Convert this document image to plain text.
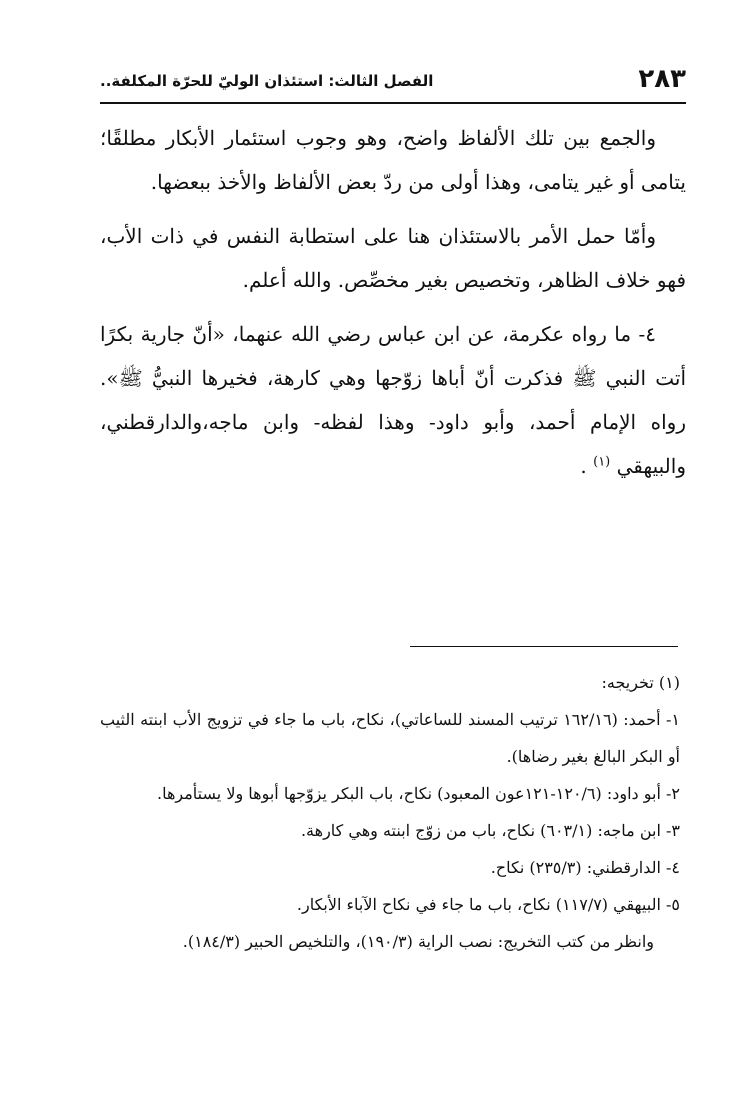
٢٨٣
الفصل الثالث: استئذان الوليّ للحرّة المكلفة..

والجمع بين تلك الألفاظ واضح، وهو وجوب استئمار الأبكار مطلقًا؛ يتامى أو غير يتامى، وهذا أولى من ردّ بعض الألفاظ والأخذ ببعضها.

وأمّا حمل الأمر بالاستئذان هنا على استطابة النفس في ذات الأب، فهو خلاف الظاهر، وتخصيص بغير مخصِّص. والله أعلم.

٤- ما رواه عكرمة، عن ابن عباس رضي الله عنهما، «أنّ جارية بكرًا أتت النبي ﷺ فذكرت أنّ أباها زوّجها وهي كارهة، فخيرها النبيُّ ﷺ». رواه الإمام أحمد، وأبو داود- وهذا لفظه- وابن ماجه،والدارقطني، والبيهقي $^{(١)}$ .

(١) تخريجه:

١- أحمد: (١٦٢/١٦ ترتيب المسند للساعاتي)، نكاح، باب ما جاء في تزويج الأب ابنته الثيب أو البكر البالغ بغير رضاها).

٢- أبو داود: (١٢٠/٦-١٢١عون المعبود) نكاح، باب البكر يزوّجها أبوها ولا يستأمرها.

٣- ابن ماجه: (٦٠٣/١) نكاح، باب من زوّج ابنته وهي كارهة.

٤- الدارقطني: (٢٣٥/٣) نكاح.

٥- البيهقي (١١٧/٧) نكاح، باب ما جاء في نكاح الآباء الأبكار.

وانظر من كتب التخريج: نصب الراية (١٩٠/٣)، والتلخيص الحبير (١٨٤/٣).
